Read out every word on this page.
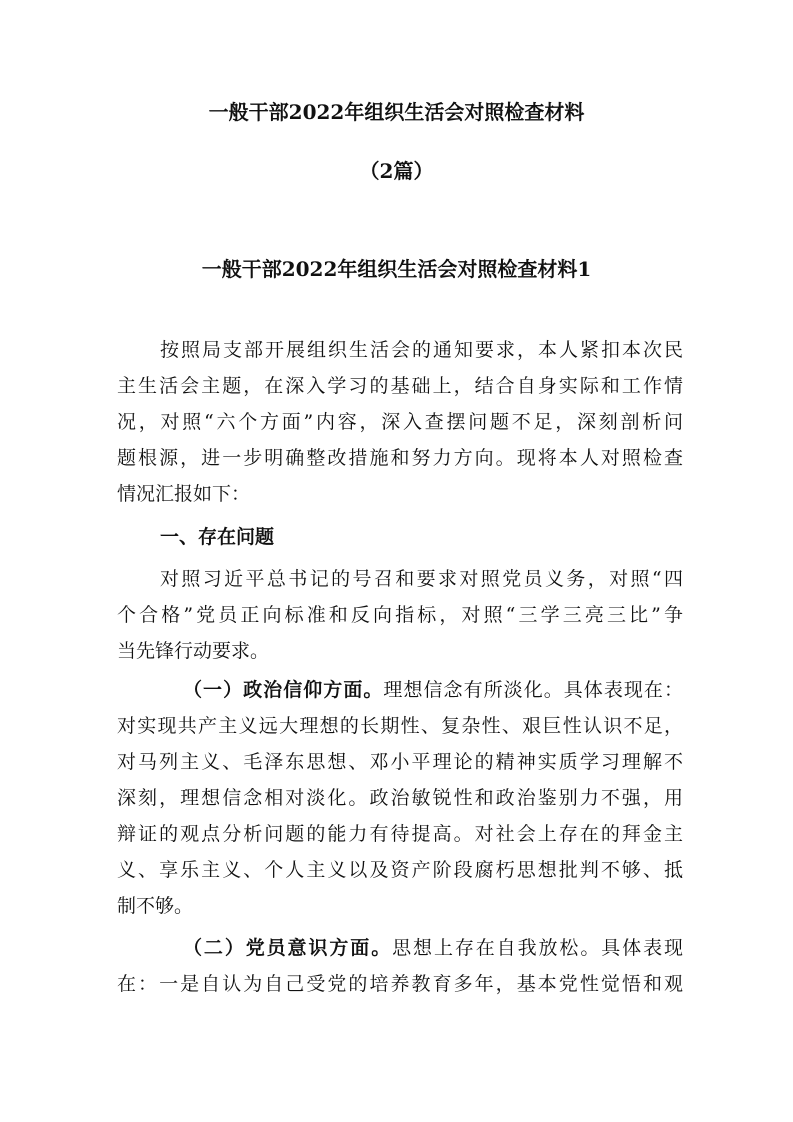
一般干部2022年组织生活会对照检查材料
（2篇）
一般干部2022年组织生活会对照检查材料1
按照局支部开展组织生活会的通知要求，本人紧扣本次民
主生活会主题，在深入学习的基础上，结合自身实际和工作情
况，对照“六个方面”内容，深入查摆问题不足，深刻剖析问
题根源，进一步明确整改措施和努力方向。现将本人对照检查
情况汇报如下：
一、存在问题
对照习近平总书记的号召和要求对照党员义务，对照“四
个合格”党员正向标准和反向指标，对照“三学三亮三比”争
当先锋行动要求。
（一）政治信仰方面。理想信念有所淡化。具体表现在：
对实现共产主义远大理想的长期性、复杂性、艰巨性认识不足，
对马列主义、毛泽东思想、邓小平理论的精神实质学习理解不
深刻，理想信念相对淡化。政治敏锐性和政治鉴别力不强，用
辩证的观点分析问题的能力有待提高。对社会上存在的拜金主
义、享乐主义、个人主义以及资产阶段腐朽思想批判不够、抵
制不够。
（二）党员意识方面。思想上存在自我放松。具体表现
在：一是自认为自己受党的培养教育多年，基本党性觉悟和观
